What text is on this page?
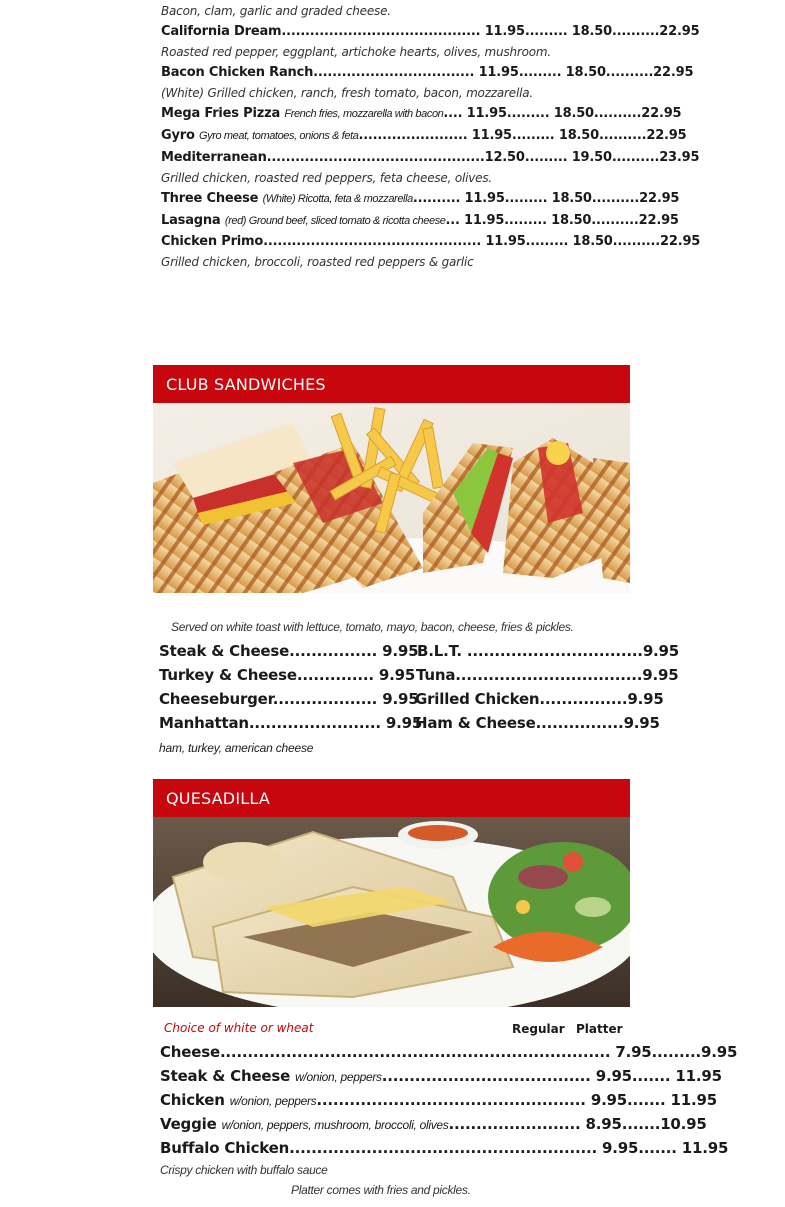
Bacon, clam, garlic and graded cheese.
California Dream.......................................... 11.95......... 18.50..........22.95
Roasted red pepper, eggplant, artichoke hearts, olives, mushroom.
Bacon Chicken Ranch.................................. 11.95......... 18.50..........22.95
(White) Grilled chicken, ranch, fresh tomato, bacon, mozzarella.
Mega Fries Pizza French fries, mozzarella with bacon.... 11.95......... 18.50..........22.95
Gyro Gyro meat, tomatoes, onions & feta....................... 11.95......... 18.50..........22.95
Mediterranean..............................................12.50......... 19.50..........23.95
Grilled chicken, roasted red peppers, feta cheese, olives.
Three Cheese (White) Ricotta, feta & mozzarella.......... 11.95......... 18.50..........22.95
Lasagna (red) Ground beef, sliced tomato & ricotta cheese... 11.95......... 18.50..........22.95
Chicken Primo.............................................. 11.95......... 18.50..........22.95
Grilled chicken, broccoli, roasted red peppers & garlic
CLUB SANDWICHES
Served on white toast with lettuce, tomato, mayo, bacon, cheese, fries & pickles.
Steak & Cheese................ 9.95
Turkey & Cheese.............. 9.95
Cheeseburger................... 9.95
Manhattan........................ 9.95
B.L.T. ................................9.95
Tuna..................................9.95
Grilled Chicken................9.95
Ham & Cheese................9.95
ham, turkey, american cheese
QUESADILLA
Choice of white or wheat	Regular Platter
Cheese....................................................................... 7.95.........9.95
Steak & Cheese w/onion, peppers...................................... 9.95....... 11.95
Chicken w/onion, peppers................................................. 9.95....... 11.95
Veggie w/onion, peppers, mushroom, broccoli, olives........................ 8.95.......10.95
Buffalo Chicken........................................................ 9.95....... 11.95
Crispy chicken with buffalo sauce
Platter comes with fries and pickles.
